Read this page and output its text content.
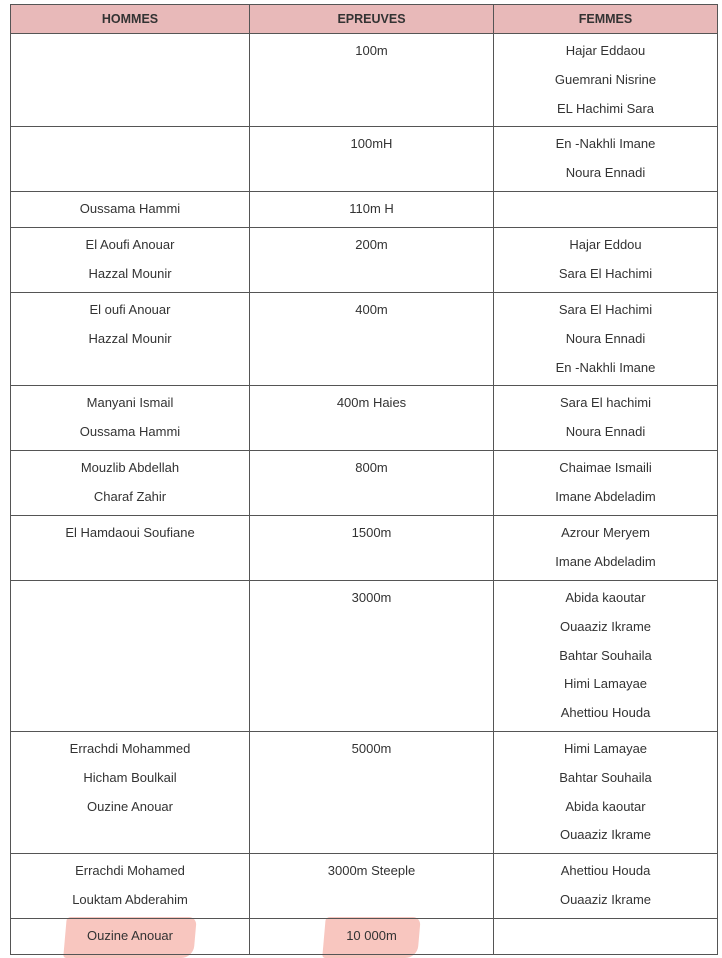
HOMMES	EPREUVES	FEMMES

	100m	Hajar Eddaou
Guemrani Nisrine
EL Hachimi Sara

	100mH	En -Nakhli Imane
Noura Ennadi

Oussama Hammi	110m H	

El Aoufi Anouar
Hazzal Mounir	200m	Hajar Eddou
Sara El Hachimi

El oufi Anouar
Hazzal Mounir	400m	Sara El Hachimi
Noura Ennadi
En -Nakhli Imane

Manyani Ismail
Oussama Hammi	400m Haies	Sara El hachimi
Noura Ennadi

Mouzlib Abdellah
Charaf Zahir	800m	Chaimae Ismaili
Imane Abdeladim

El Hamdaoui Soufiane	1500m	Azrour Meryem
Imane Abdeladim

	3000m	Abida kaoutar
Ouaaziz Ikrame
Bahtar Souhaila
Himi Lamayae
Ahettiou Houda

Errachdi Mohammed
Hicham Boulkail
Ouzine Anouar	5000m	Himi Lamayae
Bahtar Souhaila
Abida kaoutar
Ouaaziz Ikrame

Errachdi Mohamed
Louktam Abderahim	3000m Steeple	Ahettiou Houda
Ouaaziz Ikrame

Ouzine Anouar	10 000m	
